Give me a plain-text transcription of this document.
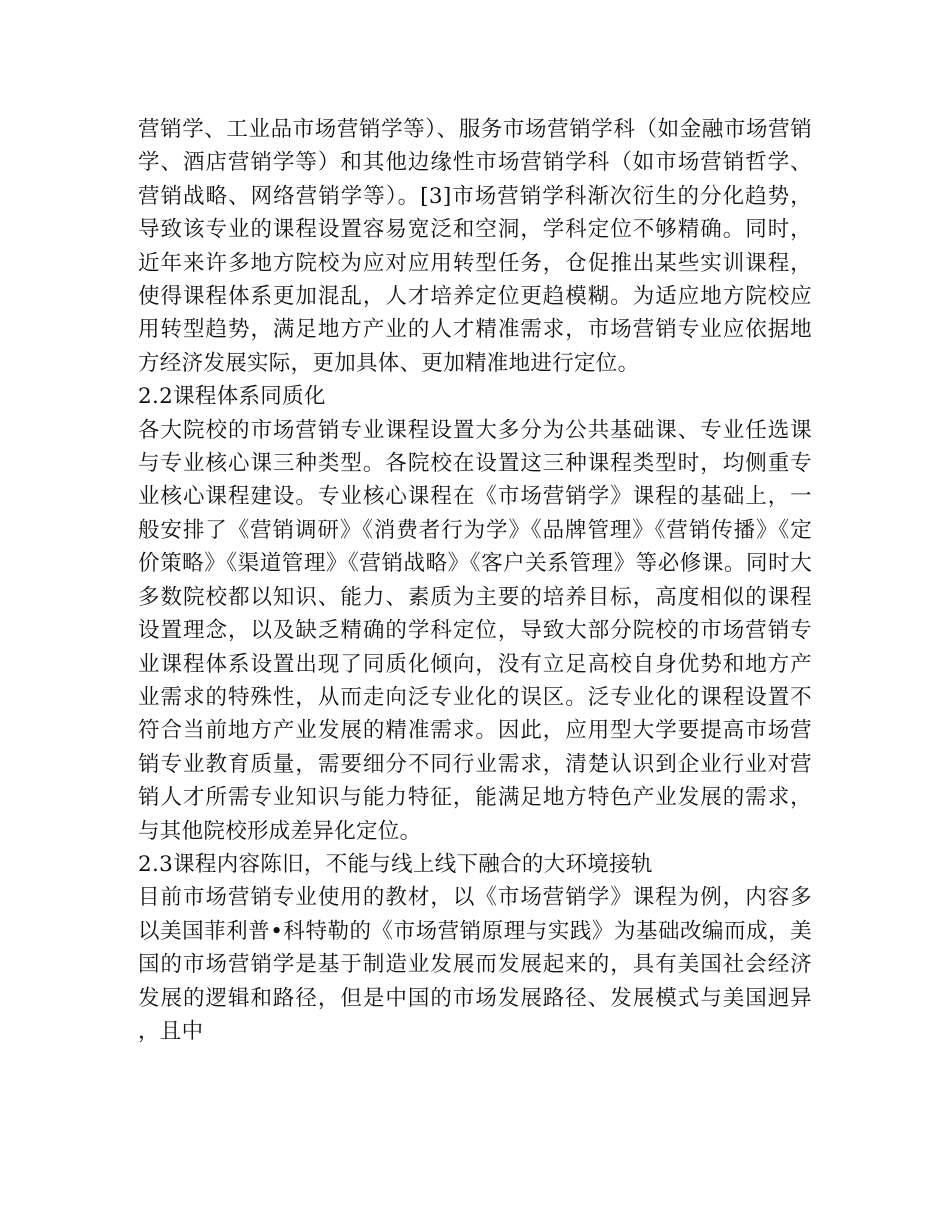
营销学、工业品市场营销学等）、服务市场营销学科（如金融市场营销学、酒店营销学等）和其他边缘性市场营销学科（如市场营销哲学、营销战略、网络营销学等）。[3]市场营销学科渐次衍生的分化趋势，导致该专业的课程设置容易宽泛和空洞，学科定位不够精确。同时，近年来许多地方院校为应对应用转型任务，仓促推出某些实训课程，使得课程体系更加混乱，人才培养定位更趋模糊。为适应地方院校应用转型趋势，满足地方产业的人才精准需求，市场营销专业应依据地方经济发展实际，更加具体、更加精准地进行定位。

2.2课程体系同质化

各大院校的市场营销专业课程设置大多分为公共基础课、专业任选课与专业核心课三种类型。各院校在设置这三种课程类型时，均侧重专业核心课程建设。专业核心课程在《市场营销学》课程的基础上，一般安排了《营销调研》《消费者行为学》《品牌管理》《营销传播》《定价策略》《渠道管理》《营销战略》《客户关系管理》等必修课。同时大多数院校都以知识、能力、素质为主要的培养目标，高度相似的课程设置理念，以及缺乏精确的学科定位，导致大部分院校的市场营销专业课程体系设置出现了同质化倾向，没有立足高校自身优势和地方产业需求的特殊性，从而走向泛专业化的误区。泛专业化的课程设置不符合当前地方产业发展的精准需求。因此，应用型大学要提高市场营销专业教育质量，需要细分不同行业需求，清楚认识到企业行业对营销人才所需专业知识与能力特征，能满足地方特色产业发展的需求，与其他院校形成差异化定位。

2.3课程内容陈旧，不能与线上线下融合的大环境接轨

目前市场营销专业使用的教材，以《市场营销学》课程为例，内容多以美国菲利普•科特勒的《市场营销原理与实践》为基础改编而成，美国的市场营销学是基于制造业发展而发展起来的，具有美国社会经济发展的逻辑和路径，但是中国的市场发展路径、发展模式与美国迥异，且中
